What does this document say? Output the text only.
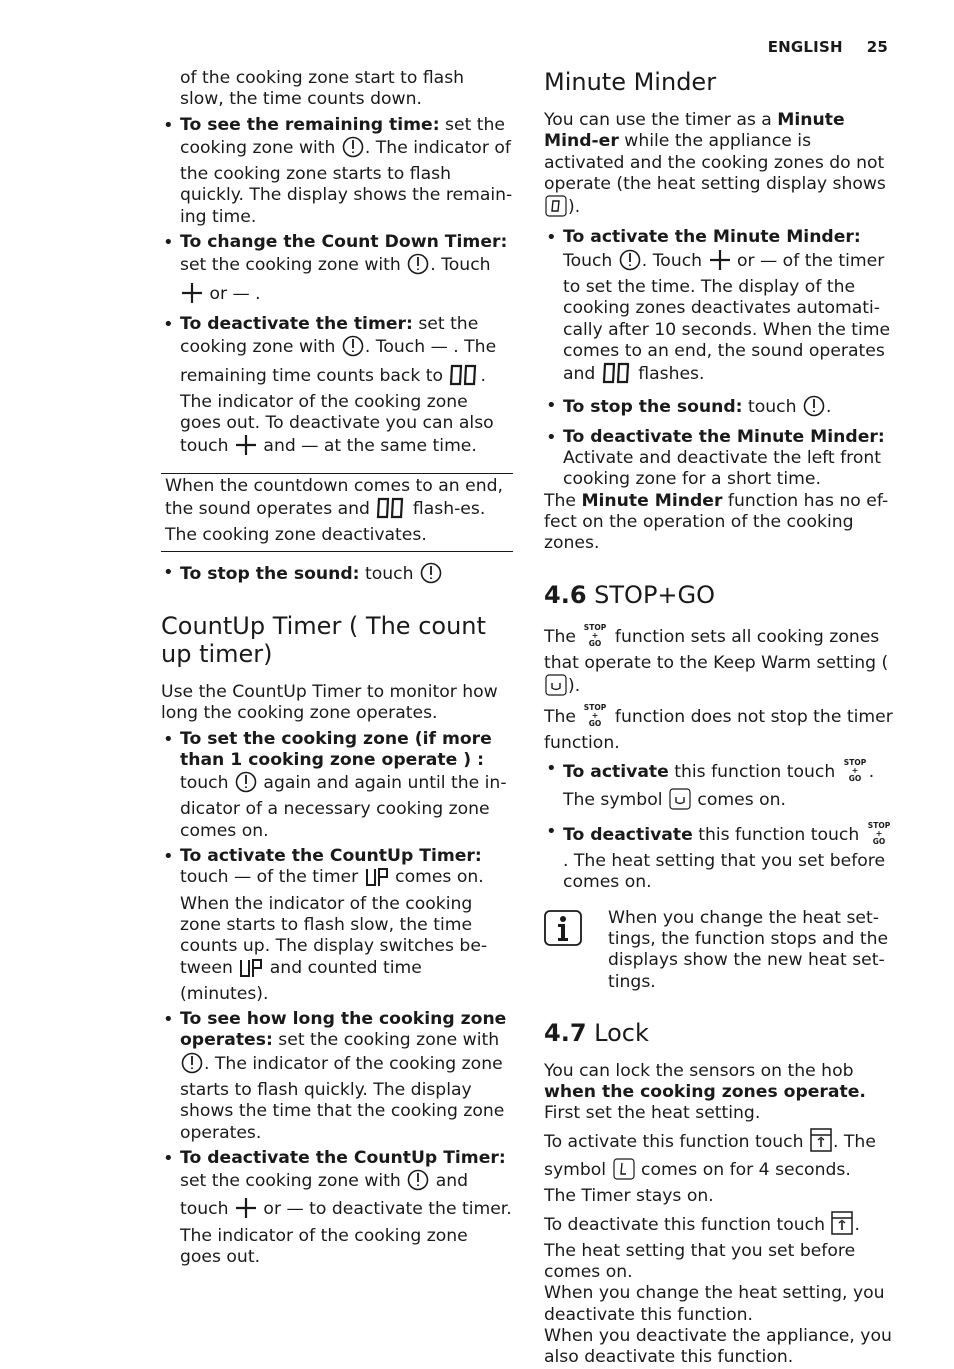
ENGLISH 25

of the cooking zone start to flash slow, the time counts down.

• To see the remaining time: set the cooking zone with . The indicator of the cooking zone starts to flash quickly. The display shows the remain-ing time.
• To change the Count Down Timer:
set the cooking zone with . Touch
or — .
• To deactivate the timer: set the cooking zone with . Touch — . The remaining time counts back to . The indicator of the cooking zone goes out. To deactivate you can also touch  and — at the same time.
When the countdown comes to an end, the sound operates and  flash-es. The cooking zone deactivates.
• To stop the sound: touch
CountUp Timer ( The count up timer)

Use the CountUp Timer to monitor how long the cooking zone operates.

• To set the cooking zone (if more than 1 cooking zone operate ) :
touch  again and again until the in-dicator of a necessary cooking zone comes on.
• To activate the CountUp Timer:
touch — of the timer  comes on. When the indicator of the cooking zone starts to flash slow, the time counts up. The display switches be-tween  and counted time (minutes).
• To see how long the cooking zone operates: set the cooking zone with
. The indicator of the cooking zone starts to flash quickly. The display shows the time that the cooking zone operates.
• To deactivate the CountUp Timer:
set the cooking zone with  and touch  or — to deactivate the timer. The indicator of the cooking zone goes out.
Minute Minder

You can use the timer as a Minute Mind-er while the appliance is activated and the cooking zones do not operate (the heat setting display shows ).

• To activate the Minute Minder:
Touch . Touch  or — of the timer to set the time. The display of the cooking zones deactivates automati-cally after 10 seconds. When the time comes to an end, the sound operates and  flashes.
• To stop the sound: touch .
• To deactivate the Minute Minder:
Activate and deactivate the left front cooking zone for a short time.

The Minute Minder function has no ef-fect on the operation of the cooking zones.

4.6 STOP+GO

The STOP
+
GO function sets all cooking zones that operate to the Keep Warm setting ().

The STOP
+
GO function does not stop the timer function.

• To activate this function touch STOP
+
GO . The symbol  comes on.
• To deactivate this function touch STOP
+
GO
. The heat setting that you set before comes on.
When you change the heat set-tings, the function stops and the displays show the new heat set-tings.
4.7 Lock

You can lock the sensors on the hob
when the cooking zones operate.

First set the heat setting.

To activate this function touch . The symbol  comes on for 4 seconds.

The Timer stays on.

To deactivate this function touch .

The heat setting that you set before comes on.

When you change the heat setting, you deactivate this function.

When you deactivate the appliance, you also deactivate this function.
